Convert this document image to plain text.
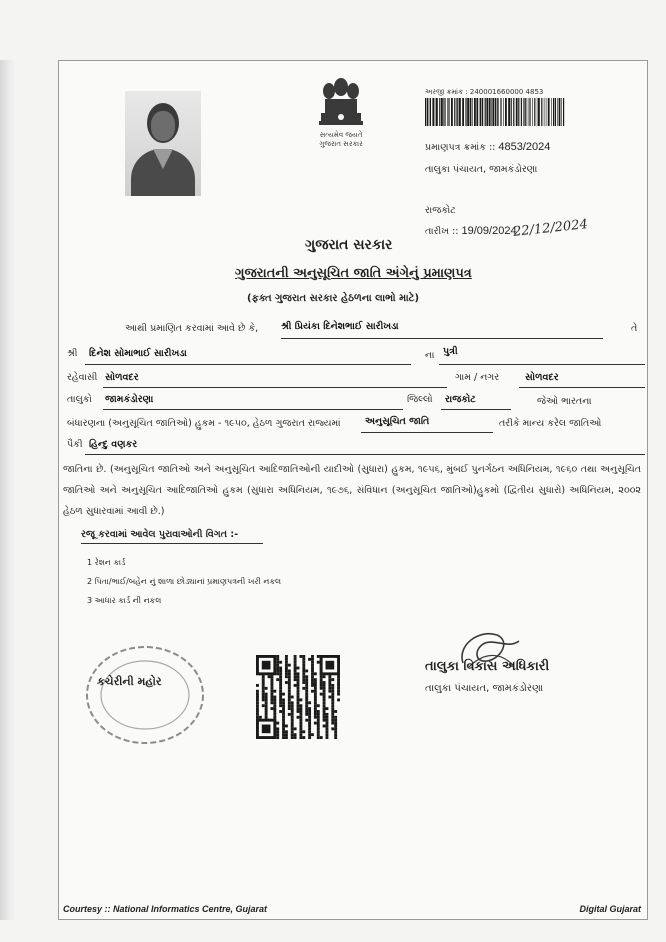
સત્યમેવ જયતે
ગુજરાત સરકાર
અરજી ક્રમાંક : 240001660000 4853
પ્રમાણપત્ર ક્રમાંક :: 4853/2024
તાલુકા પંચાયત, જામકંડોરણા
રાજકોટ
તારીખ :: 19/09/2024
22/12/2024
ગુજરાત સરકાર
ગુજરાતની અનુસૂચિત જાતિ અંગેનું પ્રમાણપત્ર
(ફક્ત ગુજરાત સરકાર હેઠળના લાભો માટે)
આથી પ્રમાણિત કરવામાં આવે છે કે, શ્રી પ્રિયંકા દિનેશભાઈ સારીખડા	તે
શ્રી દિનેશ સોમાભાઈ સારીખડા	ના પુત્રી
રહેવાસી સોળવદર	ગામ / નગર	સોળવદર
તાલુકો જામકંડોરણા	જિલ્લો રાજકોટ	જેઓ ભારતના
બંધારણના (અનુસૂચિત જાતિઓ) હુકમ - ૧૯૫૦, હેઠળ ગુજરાત રાજ્યમાં	અનુસૂચિત જાતિ	તરીકે માન્ય કરેલ જાતિઓ
પૈકી હિન્દુ વણકર
જાતિના છે. (અનુસૂચિત જાતિઓ અને અનુસૂચિત આદિજાતિઓની યાદીઓ (સુધારા) હુકમ, ૧૯૫૬, મુંબઈ પુનર્ગઠન અધિનિયમ, ૧૯૬૦ તથા અનુસૂચિત જાતિઓ અને અનુસૂચિત આદિજાતિઓ હુકમ (સુધારા અધિનિયમ, ૧૯૭૬, સંવિધાન (અનુસૂચિત જાતિઓ)હુકમો (દ્વિતીય સુધારો) અધિનિયમ, ૨૦૦૨ હેઠળ સુધારવામાં આવી છે.)
રજૂ કરવામાં આવેલ પુરાવાઓની વિગત :-
1 રેશન કાર્ડ
2 પિતા/ભાઈ/બહેન નું શાળા છોડ્યાનાં પ્રમાણપત્રની ખરી નકલ
3 આધાર કાર્ડ ની નકલ
કચેરીની મહોર
તાલુકા વિકાસ અધિકારી
તાલુકા પંચાયત, જામકંડોરણા
Courtesy :: National Informatics Centre, Gujarat	Digital Gujarat
